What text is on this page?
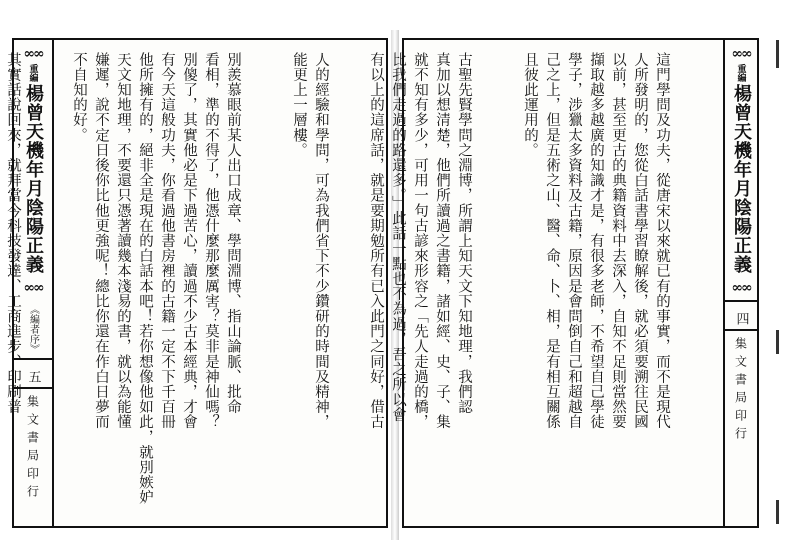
∞∞
重編
楊曾天機年月陰陽正義
∞∞
《編者序》
五
集文書局印行

人的經驗和學問，可為我們省下不少鑽研的時間及精神，
能更上一層樓。

別羨慕眼前某人出口成章、學問淵博、指山論脈、批命
看相，準的不得了，他憑什麼那麼厲害？莫非是神仙嗎？
別傻了，其實他必是下過苦心，讀過不少古本經典，才會
有今天這般功夫，你看過他書房裡的古籍一定不下千百冊
他所擁有的，絕非全是現在的白話本吧！若你想像他如此，就別嫉妒
天文知地理，不要還只憑著讀幾本淺易的書，就以為能懂
嫌遲，說不定日後你比他更強呢！總比你還在作白日夢而
不自知的好。

其實話說回來，就拜當今科技發達、工商進步、印刷普

	這門學問及功夫，從唐宋以來就已有的事實，而不是現代
人所發明的，您從白話書學習瞭解後，就必須要溯往民國
以前，甚至更古的典籍資料中去深入，自知不足則當然要
擷取越多越廣的知識才是，有很多老師，不希望自己學徒
學子，涉獵太多資料及古籍，原因是會問倒自己和超越自
己之上，但是五術之山、醫、命、卜、相，是有相互關係
且彼此運用的。

古聖先賢學問之淵博，所謂上知天文下知地理，我們認
真加以想清楚，他們所讀過之書籍，諸如經、史、子、集
就不知有多少，可用一句古諺來形容之「先人走過的橋，
比我們走過的路還多。」此話一點也不為過，吾之所以會
有以上的這席話，就是要期勉所有已入此門之同好，借古

	∞∞
重編
楊曾天機年月陰陽正義
∞∞
四
集文書局印行
